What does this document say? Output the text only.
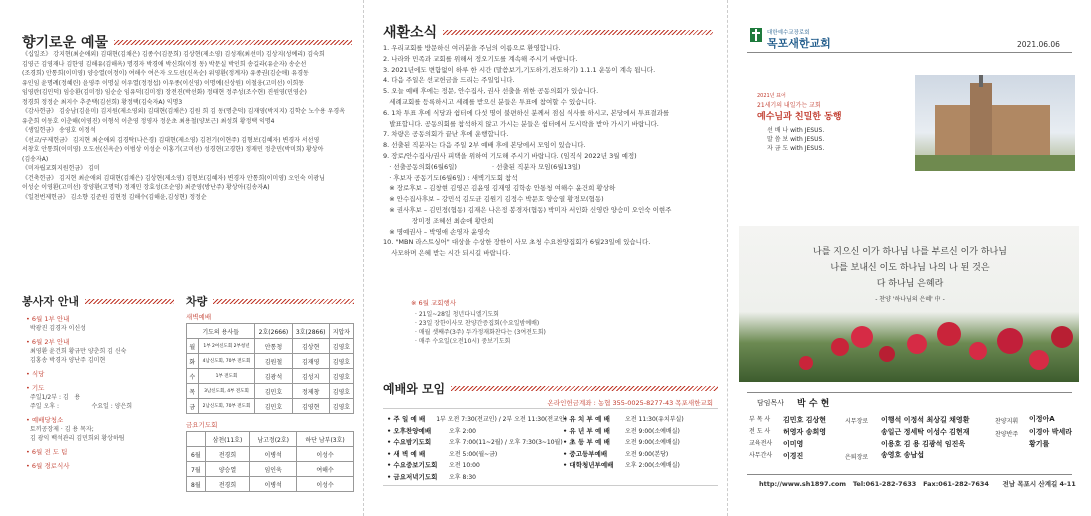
향기로운 예물
《십일조》 강지현(최순애외) 김대현(김채은) 김종수(김문희) 김상현(제소영) 김성재(최선미) 김상지(성예리) 김숙희
김영근 김영재나 김한영 김해유(김해옥) 명경자 박경애 박신희(이정 동) 박문실 박인희 송길라(유순자) 송순선
(조경희) 안통희(이미영) 양승열(이정이) 여해수 여은자 오도선(신옥순) 위영환(정계자) 유종권(김순애) 유경동
유인임 윤명례(정혜린) 윤영주 이명실 이우열(정정섭) 이우종(이신영) 이명예(신상원) 이철웅(고미선) 이희동
임영란(김민덕) 임승환(김미정) 임순순 임유덕(김미정) 장전진(박선화) 정태현 정주성(조수현) 진원영(민영순)
정경희 정정순 최지수 추준택(김선희) 황정택(김숙자A) 익명3
《감사헌금》 김숭남(김윤미) 김지원(제소영외) 김대현(김채은) 김원 희 김 동(명춘덕) 김재영(박지지) 김학순 노수용 우경옥
유춘희 이동호 이춘해(이영진) 이형석 이춘영 정영자 정운초 최용철(양보근) 최성희 황정택 익명4
《생일헌금》 송영호 이정석
《선교/구제헌금》 김지현 최순애외 김경탁(나은경) 김대현(제소영) 김천기(이현주) 김형보(김혜자) 변경자 서선영
서창호 안통희(이미영) 오도선(신옥순) 이범상 이성순 이홍기(고미선) 성경현(고경한) 정재민 정춘민(박미희) 황상아
(김송자A)
《미자립교회지원헌금》 김미
《건축헌금》 김지현 최순애외 김대현(김채은) 김상현(제소영) 김현보(김혜자) 변경자 안통희(이미영) 오인숙 이광님
이성순 이영환(고미선) 장양환(고명덕) 정재민 장효성(조순영) 최준영(방난주) 황상아(김송자A)
《일천번제헌금》 김소향 김준원 김현정 김해수(김해윤,김성현) 정정순
봉사자 안내
• 6월 1부 안내
박광진 김경자 이신성
• 6월 2부 안내
최영환 윤건희 황규만 양춘희 김 신숙
김홍송 박경자 양난주 김미현
• 식당
• 기도
주일1/2부 : 김   용
주일 오후 :                 수요일 : 양은희
• 예배당청소
토끼공장제 · 김 용 목자;
김 광익 백석관리 김민희외 황상하팀
• 6월 전 도 팀
• 6월 경로식사
차량
새벽예배
기도의 용사들		2호(2666)	3호(2866)	지압자
월	1부 2여신도회 2부청년	안통청	김상현	김영호
화	4남신도회, 70부 전도회	김원철	김재영	김영호
수	1부 전도회	김광석	김성지	김영호
목	3남신도회, 4부 전도회	김민호	정제창	김영호
금	2남신도회, 70부 전도회	김민호	김영현	김영호
금요기도회
	삼천(11호)	남고정(2호)	하단 남부(3호)
6월	전경희	이병석	이성수
7월	양승열	임인욱	여해수
8월	전경희	이병석	이성수
새환소식
1. 우리교회를 방문하신 여러분을 주님의 이름으로 환영합니다.
2. 나라와 민족과 교회를 위해서 정오기도를 계속해 주시기 바랍니다.
3. 2021년에도 변함없이 하루 한 시간 (말씀보기,기도하기,전도하기) 1.1.1 운동이 계속 됩니다.
4. 다음 주일은 선교헌금을 드리는 주일입니다.
5. 오늘 예배 후에는 정문, 안수집사, 권사 선출을 위한 공동의회가 있습니다.
세례교회를 등록하시고 세례를 받으신 분들은 투표에 참여할 수 있습니다.
6. 1차 투표 후에 식당과 쉼터에 다섯 명이 불편하신 분께서 점심 식사를 하시고, 본당에서 투표결과를
발표합니다. 공동의회를 참석하지 않고 가시는 분들은 쉼터에서 도시락을 받아 가시기 바랍니다.
7. 차량은 공동의회가 끝난 후에 운행합니다.
8. 선출된 직분자는 다음 주일 2부 예배 후에 본당에서 모임이 있습니다.
9. 장로/안수집사/권사 피택을 위하여 기도해 주시기 바랍니다. (임직식 2022년 3월 예정)
· 선출공동의회(6월6일)                 · 선출된 직분자 모임(6월13일)
· 후보자 공동기도(6월6일) : 새벽기도회 참석
※ 장로후보 – 김창현 김영곤 김윤영 김재영 김학송 안통청 여해수 윤건희 황상하
※ 안수집사후보 – 강민석 김도균 김원기 김정수 박문호 양승열 황정모(협동)
※ 권사후보 – 김민정(협동) 김재은 나은정 봉경자(협동) 박미자 서인화 신영란 양승미 오인숙 이현주
장미정 조혜선 최순애 황란희
※ 명예권사 – 박영애 손영자 윤영숙
10. "MBN 라스트싱어" 대상을 수상한 장한이 사모 초청 수요찬양집회가 6월23일에 있습니다.
사모하며 은혜 받는 시간 되시길 바랍니다.
※ 6월 교회행사
· 21일~28일 청년다니엘기도회
· 23일 장한이사모 찬양간증집회(수요일밤예배)
· 매월 셋째주(3주) 두가정재화찬다는 (3여전도회)
· 매주 수요일(오전10시) 중보기도회
예배와 모임
온라인헌금계좌 : 농협 355-0025-8277-43 목포새한교회
• 주 일 예 배	1부 오전 7:30(전교인) / 2부 오전 11:30(전교인)
• 오후찬양예배	오후 2:00
• 수요밤기도회	오후 7:00(11~2월) / 오후 7:30(3~10월)
• 새 벽 예 배	오전 5:00(월~금)
• 수요중보기도회	오전 10:00
• 금요저녁기도회	오후 8:30
• 유 치 부 예 배	오전 11:30(유치부실)
• 유 년 부 예 배	오전 9:00(소예배실)
• 초 등 부 예 배	오전 9:00(소예배실)
• 중고등부예배	오전 9:00(본당)
• 대학청년부예배	오후 2:00(소예배실)
대한예수교장로회
목포새한교회	2021.06.06
2021년 표어
21세기의 내일가는 교회
예수님과 친밀한 동행
선 배 나 with JESUS.
말 씀 보 with JESUS.
자 금 도 with JESUS.
나를 지으신 이가 하나님 나를 부르신 이가 하나님
나를 보내신 이도 하나님 나의 나 된 것은
다 하나님 은혜라
- 찬양 '하나님의 은혜' 中 -
담임목사 박 수 현
부 목 사	김민호 김상현
전 도 사	허영자 송희영
교육전사	이미영
사무간사	이경진
시무장로 이행석 이정석 최상길 채영환
송일근 정세탁 이성수 김현재
이용호 김 용 김광석 임진욱
은퇴장로 송영호 송남섭
찬양지휘 이정아A
찬양반주 이경아 박세라
황기률
http://www.sh1897.com   Tel:061-282-7633   Fax:061-282-7634      전남 목포시 산계길 4-11
